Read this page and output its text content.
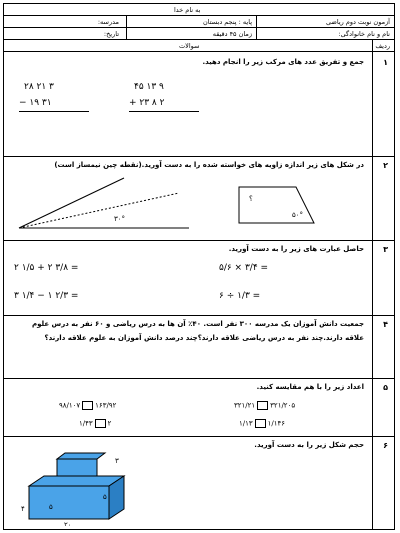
به نام خدا
آزمون نوبت دوم ریاضی
پایه : پنجم دبستان
مدرسه:
نام و نام خانوادگی:
زمان ۴۵ دقیقه
تاریخ:
ردیف
سوالات
۱
جمع و تفریق عدد های مرکب زیر را انجام دهید.
۴۵ ۱۳ ۹
+ ۲۳ ۸ ۲
۲۸ ۲۱ ۳
− ۱۹ ۳۱
۲
در شکل های زیر اندازه زاویه های خواسته شده را به دست آورید.(نقطه چین نیمساز است)
۳۰°
؟
۵۰°
۳
حاصل عبارت های زیر را به دست آورید.
۵/۶ × ۳/۴ =
۲ ۱/۵ + ۲ ۳/۸ =
۶ ÷ ۱/۳ =
۳ ۱/۴ − ۱ ۲/۳ =
۴
جمعیت دانش آموزان یک مدرسه ۳۰۰ نفر است. ۴۰٪ آن ها به درس ریاضی و ۶۰ نفر به درس علوم
علاقه دارند.چند نفر به درس ریاضی علاقه دارند؟چند درصد دانش آموزان به علوم علاقه دارند؟
۵
اعداد زیر را با هم مقایسه کنید.
۳۲۱/۲۱ ۳۲۱/۲۰۵
۹۸/۱۰۷ ۱۶۳/۹۲
۱/۱۳ ۱/۱۴۶
۱/۴۳ ۲
۶
حجم شکل زیر را به دست آورید.
۵
۵
۳
۴
۲۰
